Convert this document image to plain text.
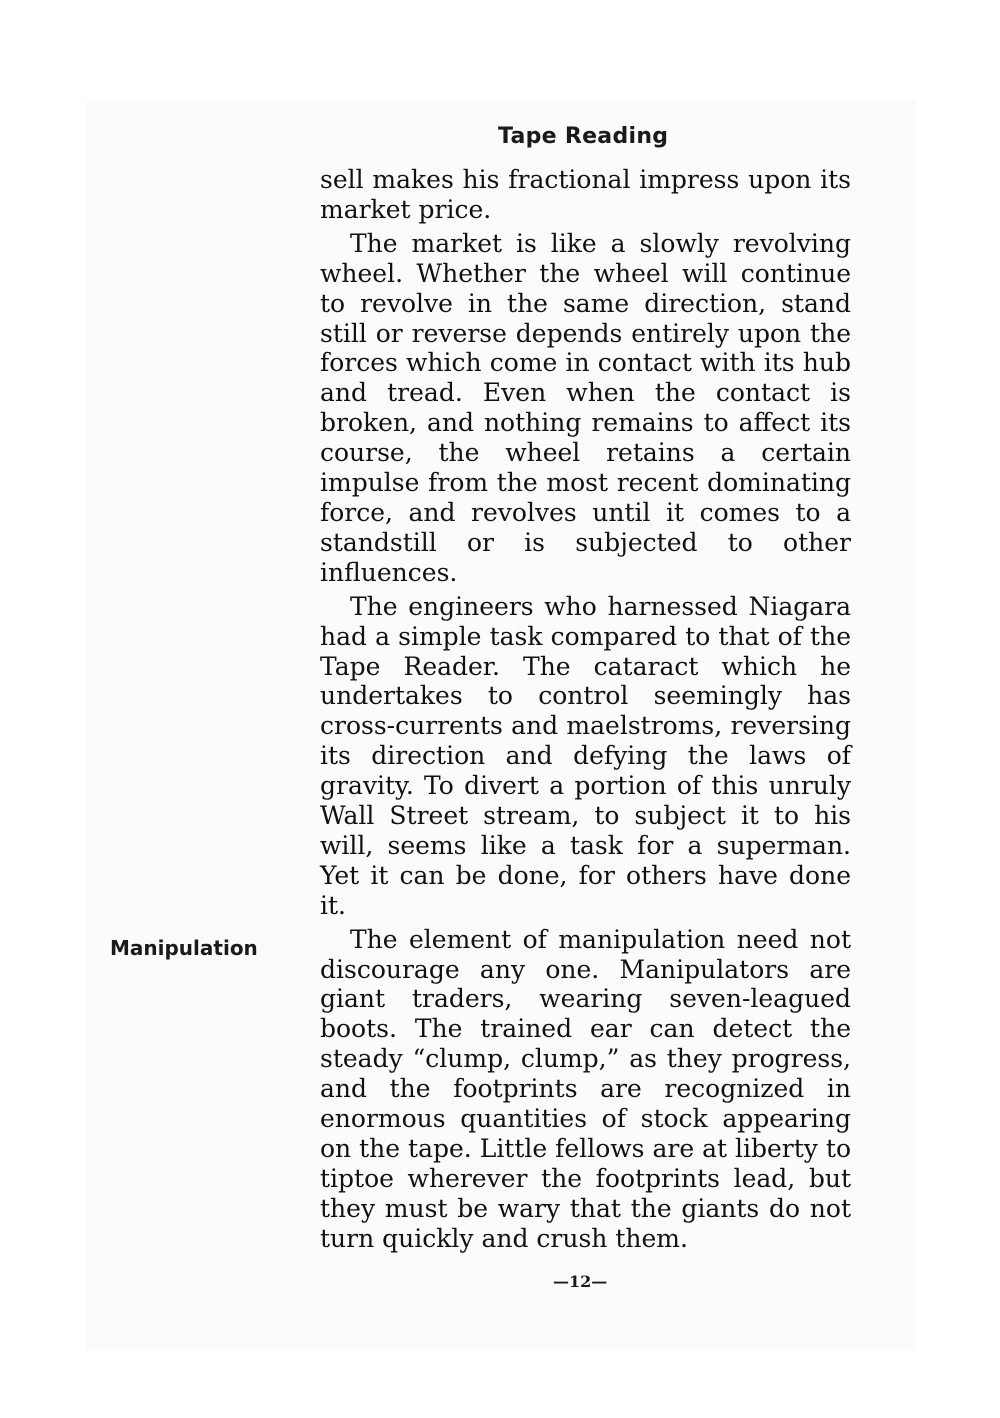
Tape Reading

sell makes his fractional impress upon its market price.

The market is like a slowly revolving wheel. Whether the wheel will continue to revolve in the same direction, stand still or reverse depends entirely upon the forces which come in contact with its hub and tread. Even when the contact is broken, and nothing remains to affect its course, the wheel retains a certain impulse from the most recent dominating force, and revolves until it comes to a standstill or is subjected to other influences.

The engineers who harnessed Niagara had a simple task compared to that of the Tape Reader. The cataract which he undertakes to control seemingly has cross-currents and maelstroms, reversing its direction and defying the laws of gravity. To divert a portion of this unruly Wall Street stream, to subject it to his will, seems like a task for a superman. Yet it can be done, for others have done it.

The element of manipulation need not discourage any one. Manipulators are giant traders, wearing seven-leagued boots. The trained ear can detect the steady “clump, clump,” as they progress, and the footprints are recognized in enormous quantities of stock appearing on the tape. Little fellows are at liberty to tiptoe wherever the footprints lead, but they must be wary that the giants do not turn quickly and crush them.

Manipulation

—12—
